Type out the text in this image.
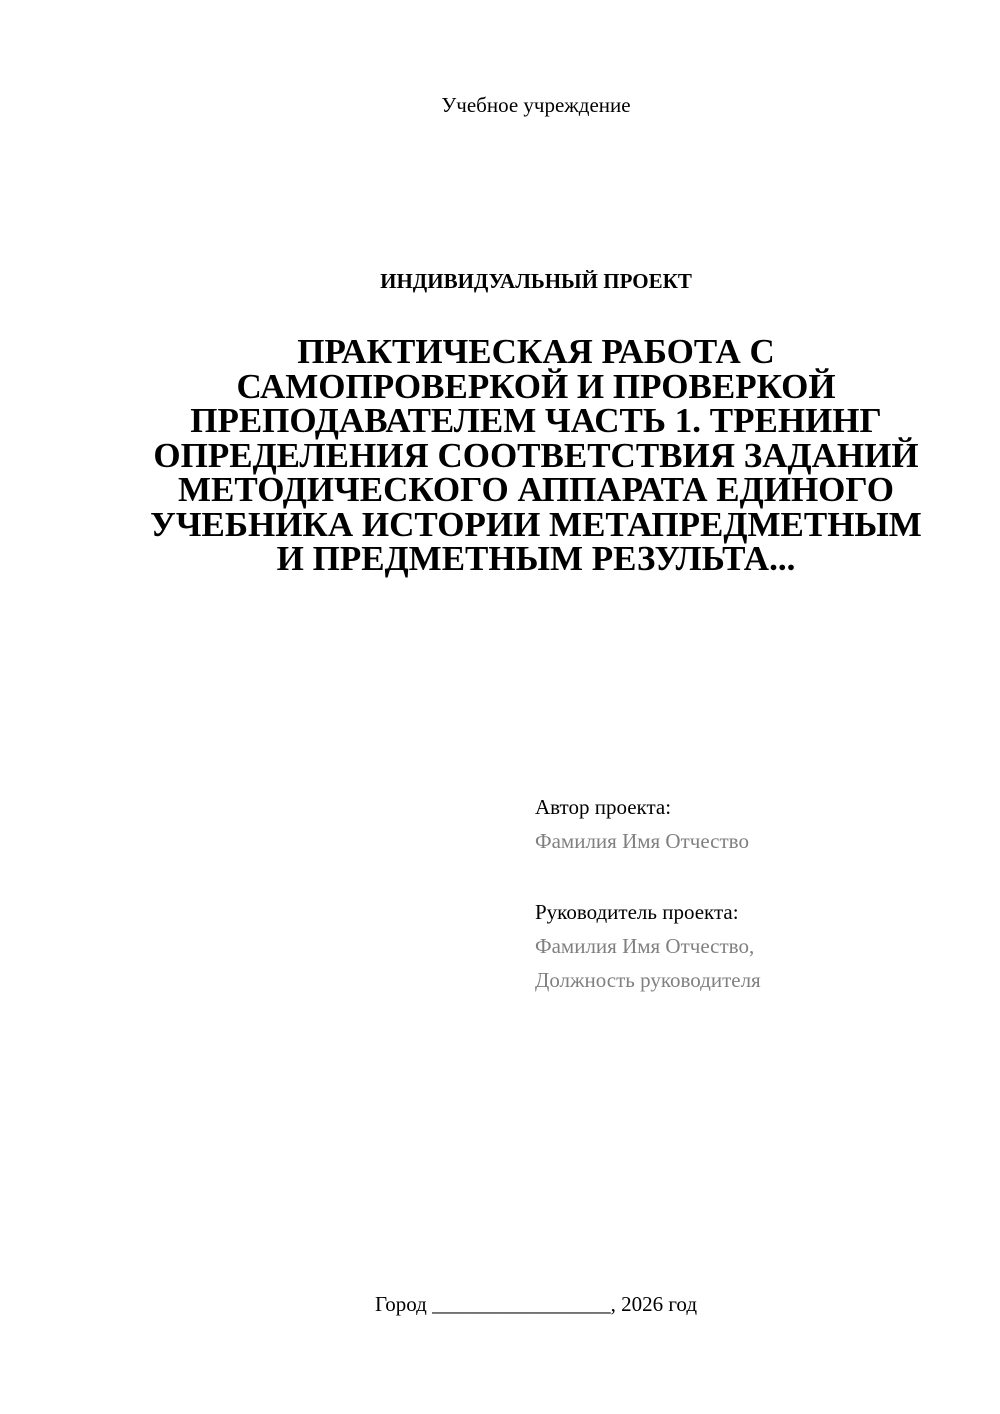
Учебное учреждение
ИНДИВИДУАЛЬНЫЙ ПРОЕКТ
ПРАКТИЧЕСКАЯ РАБОТА С САМОПРОВЕРКОЙ И ПРОВЕРКОЙ ПРЕПОДАВАТЕЛЕМ ЧАСТЬ 1. ТРЕНИНГ ОПРЕДЕЛЕНИЯ СООТВЕТСТВИЯ ЗАДАНИЙ МЕТОДИЧЕСКОГО АППАРАТА ЕДИНОГО УЧЕБНИКА ИСТОРИИ МЕТАПРЕДМЕТНЫМ И ПРЕДМЕТНЫМ РЕЗУЛЬТА...
Автор проекта:
Фамилия Имя Отчество
Руководитель проекта:
Фамилия Имя Отчество,
Должность руководителя
Город _________________, 2026 год
